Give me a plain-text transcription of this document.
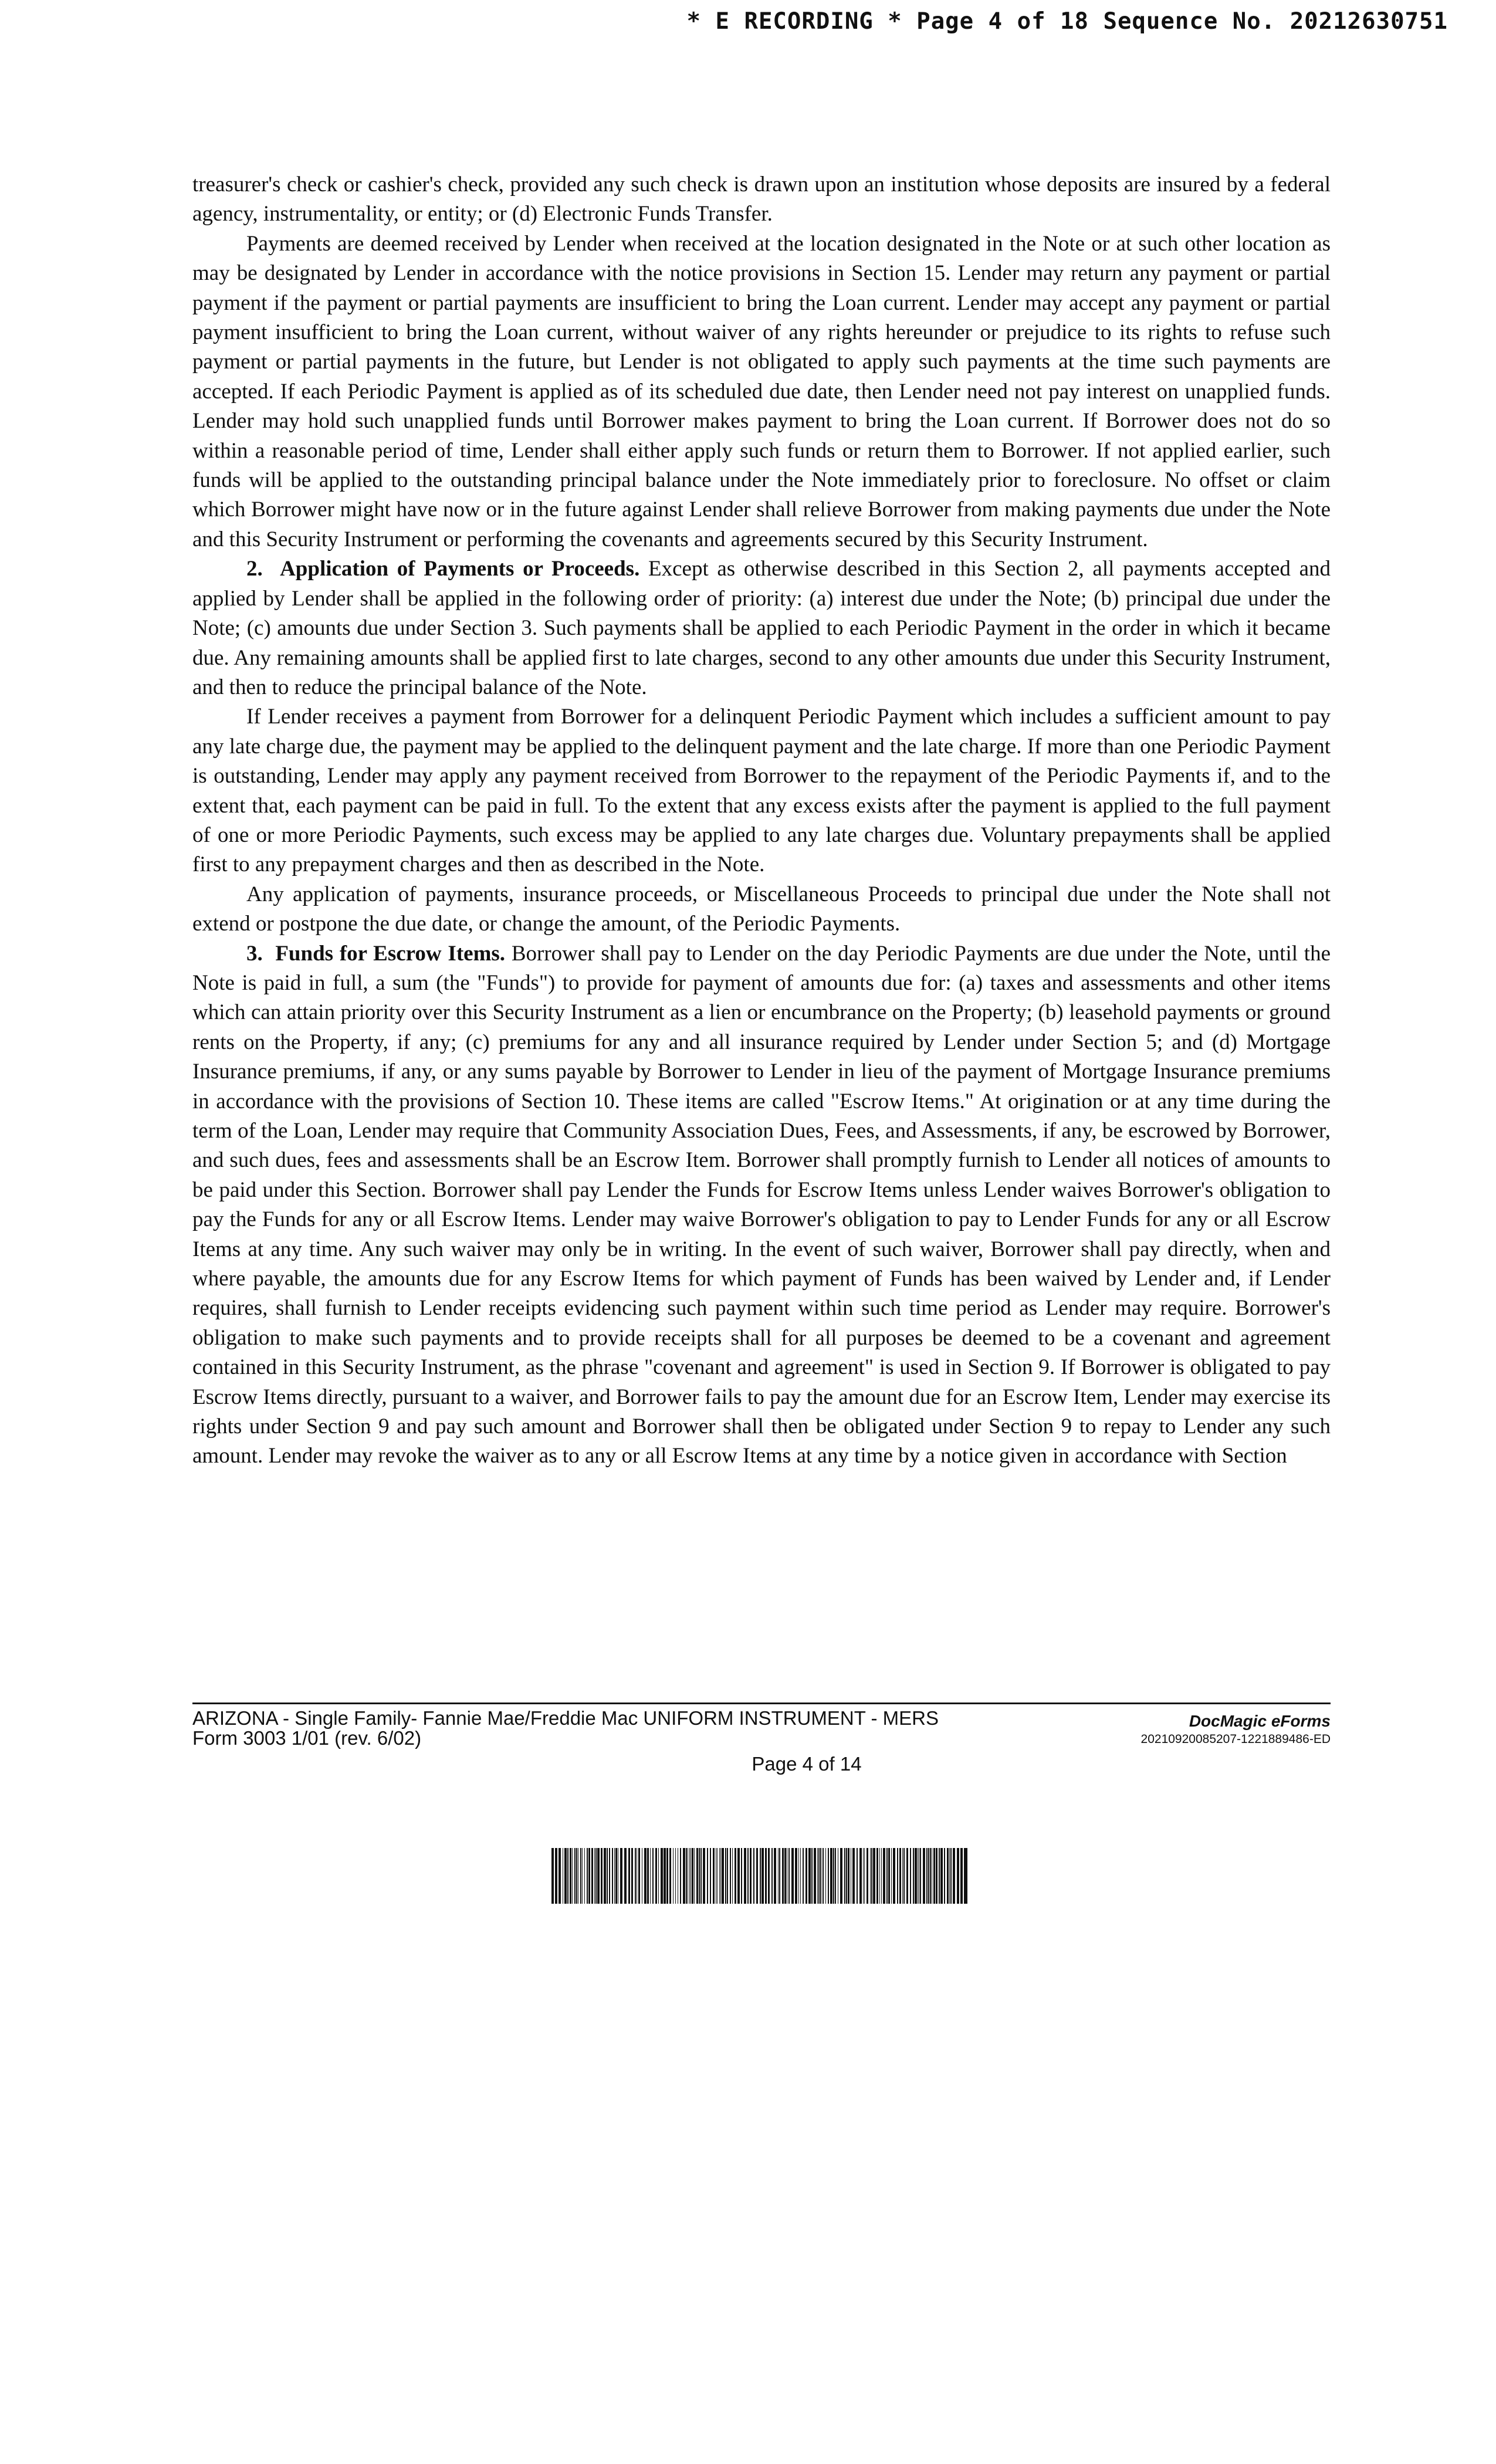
* E RECORDING * Page 4 of 18 Sequence No. 20212630751

treasurer's check or cashier's check, provided any such check is drawn upon an institution whose deposits are insured by a federal agency, instrumentality, or entity; or (d) Electronic Funds Transfer.

Payments are deemed received by Lender when received at the location designated in the Note or at such other location as may be designated by Lender in accordance with the notice provisions in Section 15. Lender may return any payment or partial payment if the payment or partial payments are insufficient to bring the Loan current. Lender may accept any payment or partial payment insufficient to bring the Loan current, without waiver of any rights hereunder or prejudice to its rights to refuse such payment or partial payments in the future, but Lender is not obligated to apply such payments at the time such payments are accepted. If each Periodic Payment is applied as of its scheduled due date, then Lender need not pay interest on unapplied funds. Lender may hold such unapplied funds until Borrower makes payment to bring the Loan current. If Borrower does not do so within a reasonable period of time, Lender shall either apply such funds or return them to Borrower. If not applied earlier, such funds will be applied to the outstanding principal balance under the Note immediately prior to foreclosure. No offset or claim which Borrower might have now or in the future against Lender shall relieve Borrower from making payments due under the Note and this Security Instrument or performing the covenants and agreements secured by this Security Instrument.

2. Application of Payments or Proceeds. Except as otherwise described in this Section 2, all payments accepted and applied by Lender shall be applied in the following order of priority: (a) interest due under the Note; (b) principal due under the Note; (c) amounts due under Section 3. Such payments shall be applied to each Periodic Payment in the order in which it became due. Any remaining amounts shall be applied first to late charges, second to any other amounts due under this Security Instrument, and then to reduce the principal balance of the Note.

If Lender receives a payment from Borrower for a delinquent Periodic Payment which includes a sufficient amount to pay any late charge due, the payment may be applied to the delinquent payment and the late charge. If more than one Periodic Payment is outstanding, Lender may apply any payment received from Borrower to the repayment of the Periodic Payments if, and to the extent that, each payment can be paid in full. To the extent that any excess exists after the payment is applied to the full payment of one or more Periodic Payments, such excess may be applied to any late charges due. Voluntary prepayments shall be applied first to any prepayment charges and then as described in the Note.

Any application of payments, insurance proceeds, or Miscellaneous Proceeds to principal due under the Note shall not extend or postpone the due date, or change the amount, of the Periodic Payments.

3. Funds for Escrow Items. Borrower shall pay to Lender on the day Periodic Payments are due under the Note, until the Note is paid in full, a sum (the "Funds") to provide for payment of amounts due for: (a) taxes and assessments and other items which can attain priority over this Security Instrument as a lien or encumbrance on the Property; (b) leasehold payments or ground rents on the Property, if any; (c) premiums for any and all insurance required by Lender under Section 5; and (d) Mortgage Insurance premiums, if any, or any sums payable by Borrower to Lender in lieu of the payment of Mortgage Insurance premiums in accordance with the provisions of Section 10. These items are called "Escrow Items." At origination or at any time during the term of the Loan, Lender may require that Community Association Dues, Fees, and Assessments, if any, be escrowed by Borrower, and such dues, fees and assessments shall be an Escrow Item. Borrower shall promptly furnish to Lender all notices of amounts to be paid under this Section. Borrower shall pay Lender the Funds for Escrow Items unless Lender waives Borrower's obligation to pay the Funds for any or all Escrow Items. Lender may waive Borrower's obligation to pay to Lender Funds for any or all Escrow Items at any time. Any such waiver may only be in writing. In the event of such waiver, Borrower shall pay directly, when and where payable, the amounts due for any Escrow Items for which payment of Funds has been waived by Lender and, if Lender requires, shall furnish to Lender receipts evidencing such payment within such time period as Lender may require. Borrower's obligation to make such payments and to provide receipts shall for all purposes be deemed to be a covenant and agreement contained in this Security Instrument, as the phrase "covenant and agreement" is used in Section 9. If Borrower is obligated to pay Escrow Items directly, pursuant to a waiver, and Borrower fails to pay the amount due for an Escrow Item, Lender may exercise its rights under Section 9 and pay such amount and Borrower shall then be obligated under Section 9 to repay to Lender any such amount. Lender may revoke the waiver as to any or all Escrow Items at any time by a notice given in accordance with Section

ARIZONA - Single Family- Fannie Mae/Freddie Mac UNIFORM INSTRUMENT - MERS
Form 3003 1/01 (rev. 6/02)
DocMagic eForms
20210920085207-1221889486-ED
Page 4 of 14
